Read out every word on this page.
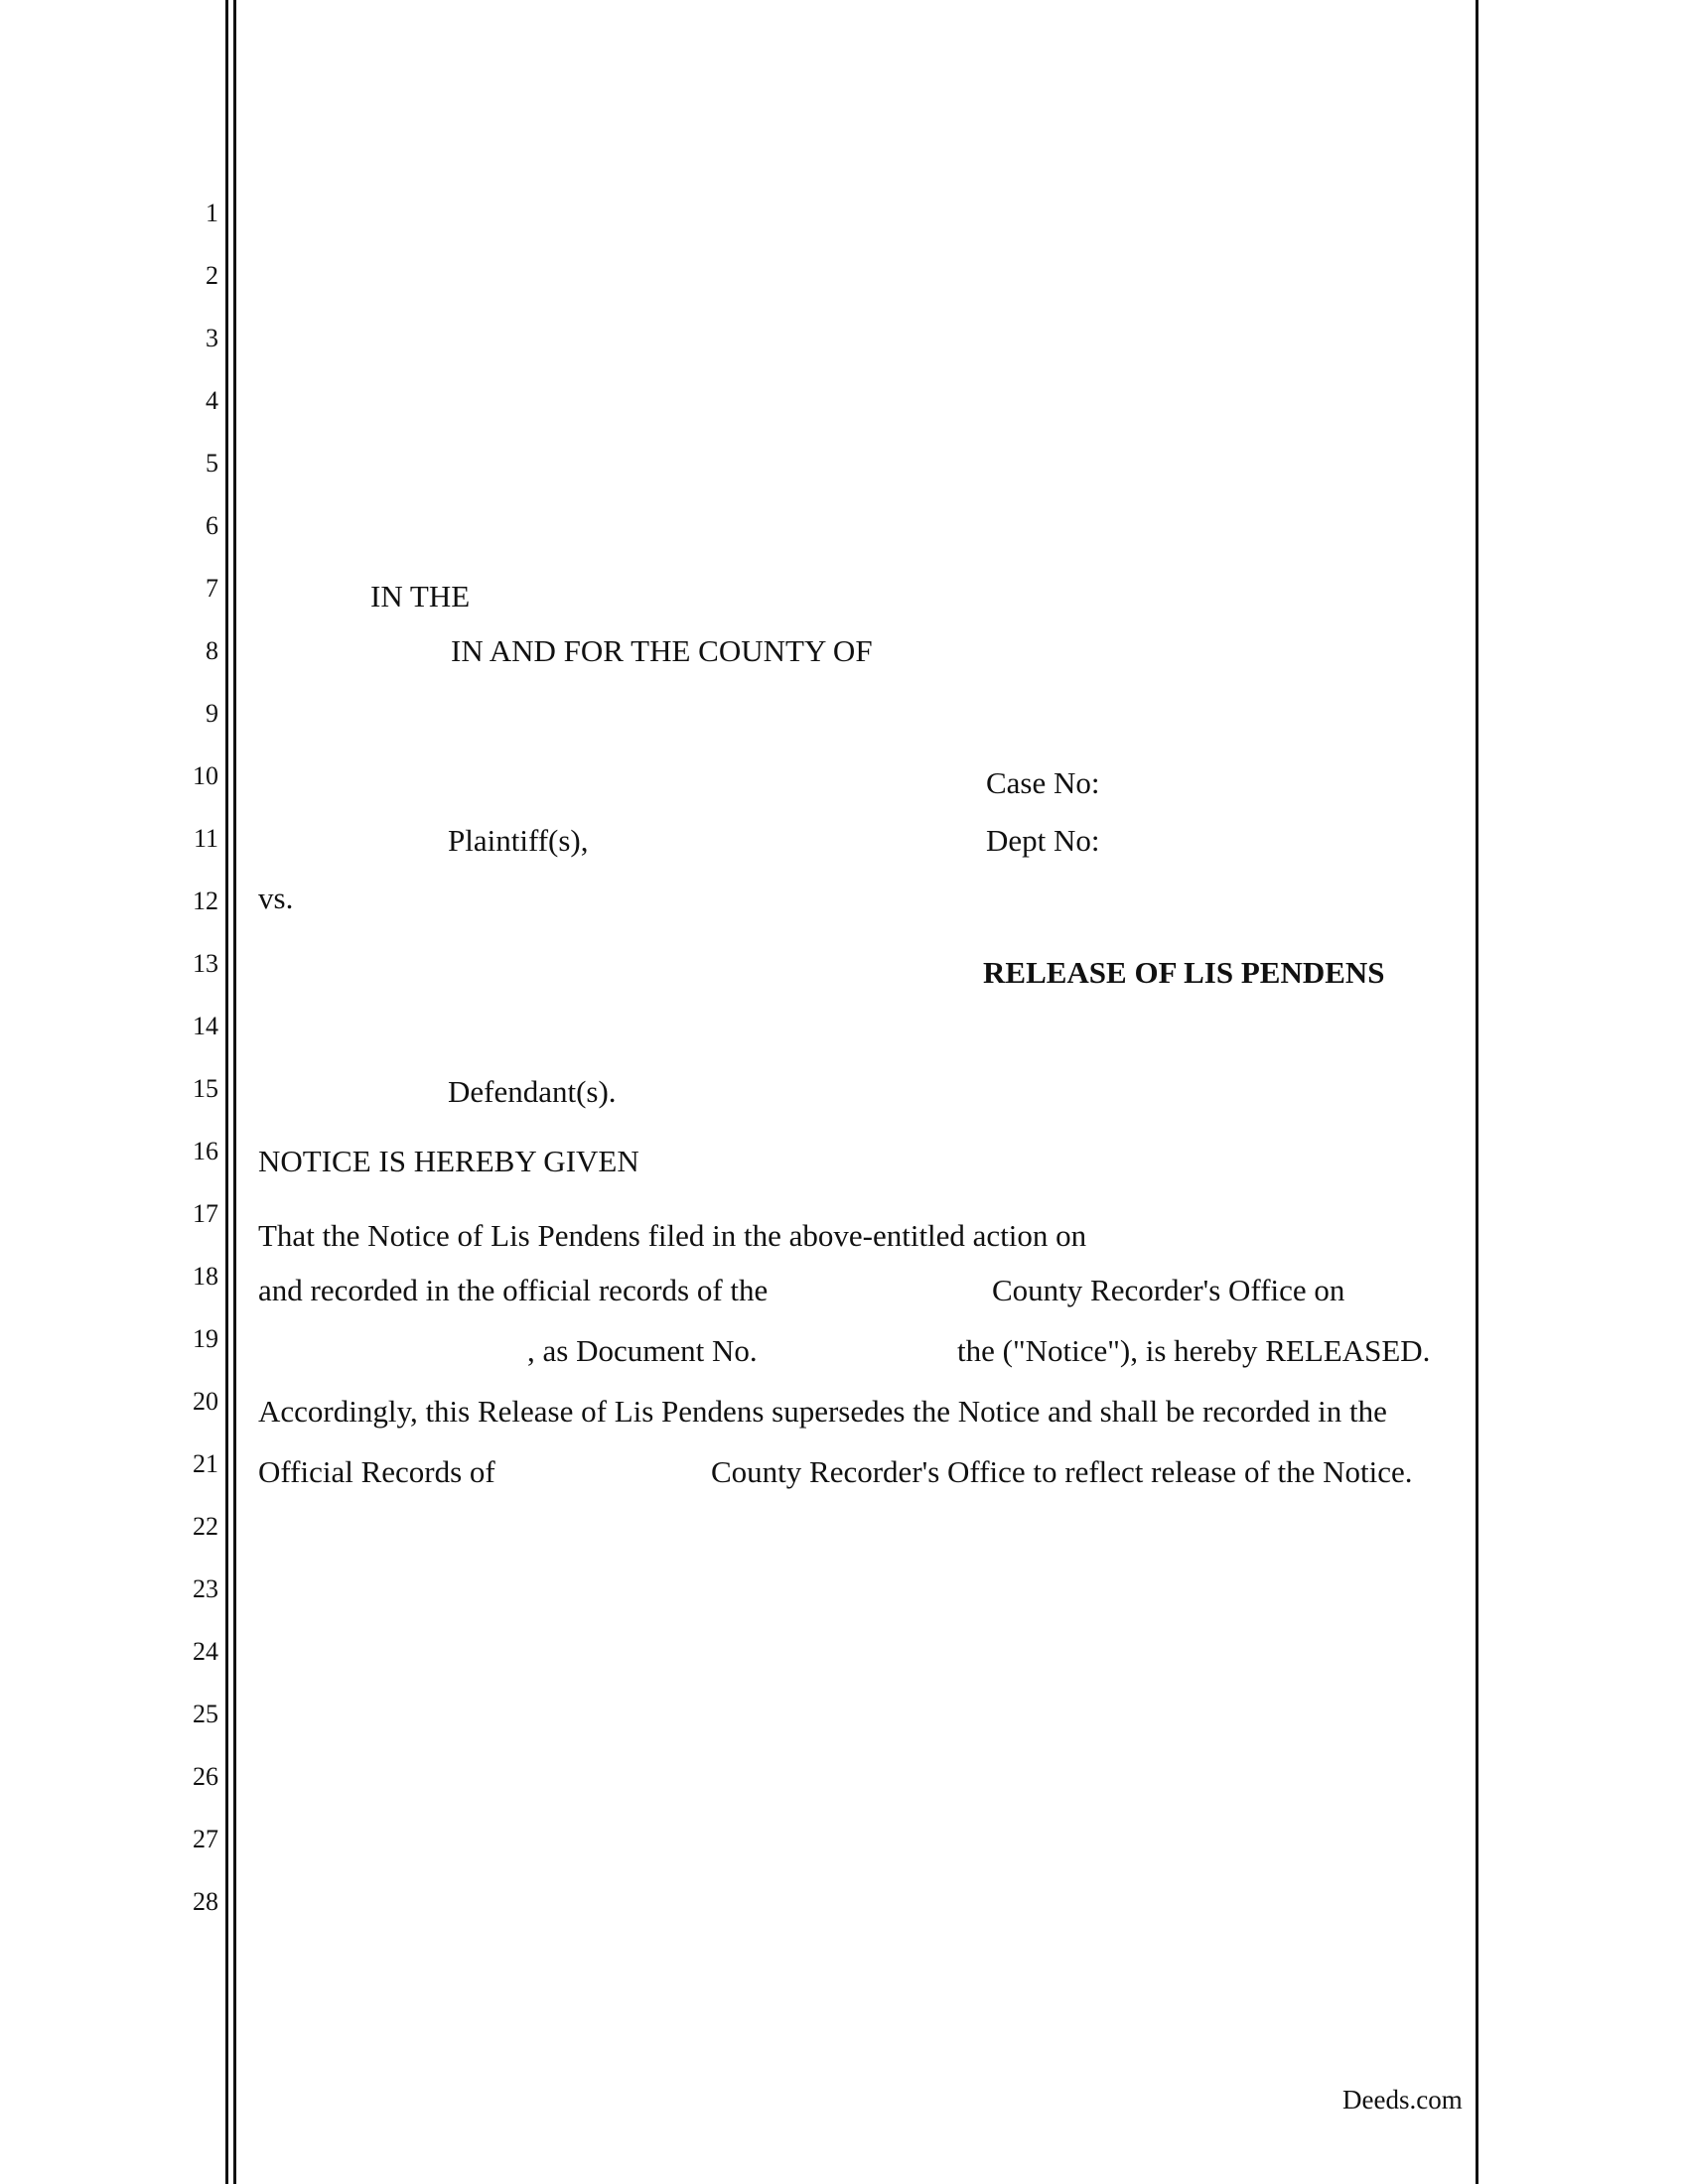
1
2
3
4
5
6
7
8
9
10
11
12
13
14
15
16
17
18
19
20
21
22
23
24
25
26
27
28
IN THE
IN AND FOR THE COUNTY OF
Case No:
Plaintiff(s),	Dept No:
vs.
RELEASE OF LIS PENDENS
Defendant(s).
NOTICE IS HEREBY GIVEN
That the Notice of Lis Pendens filed in the above-entitled action on
and recorded in the official records of the	County Recorder's Office on
, as Document No.	the ("Notice"), is hereby RELEASED.
Accordingly, this Release of Lis Pendens supersedes the Notice and shall be recorded in the
Official Records of	County Recorder's Office to reflect release of the Notice.
Deeds.com
